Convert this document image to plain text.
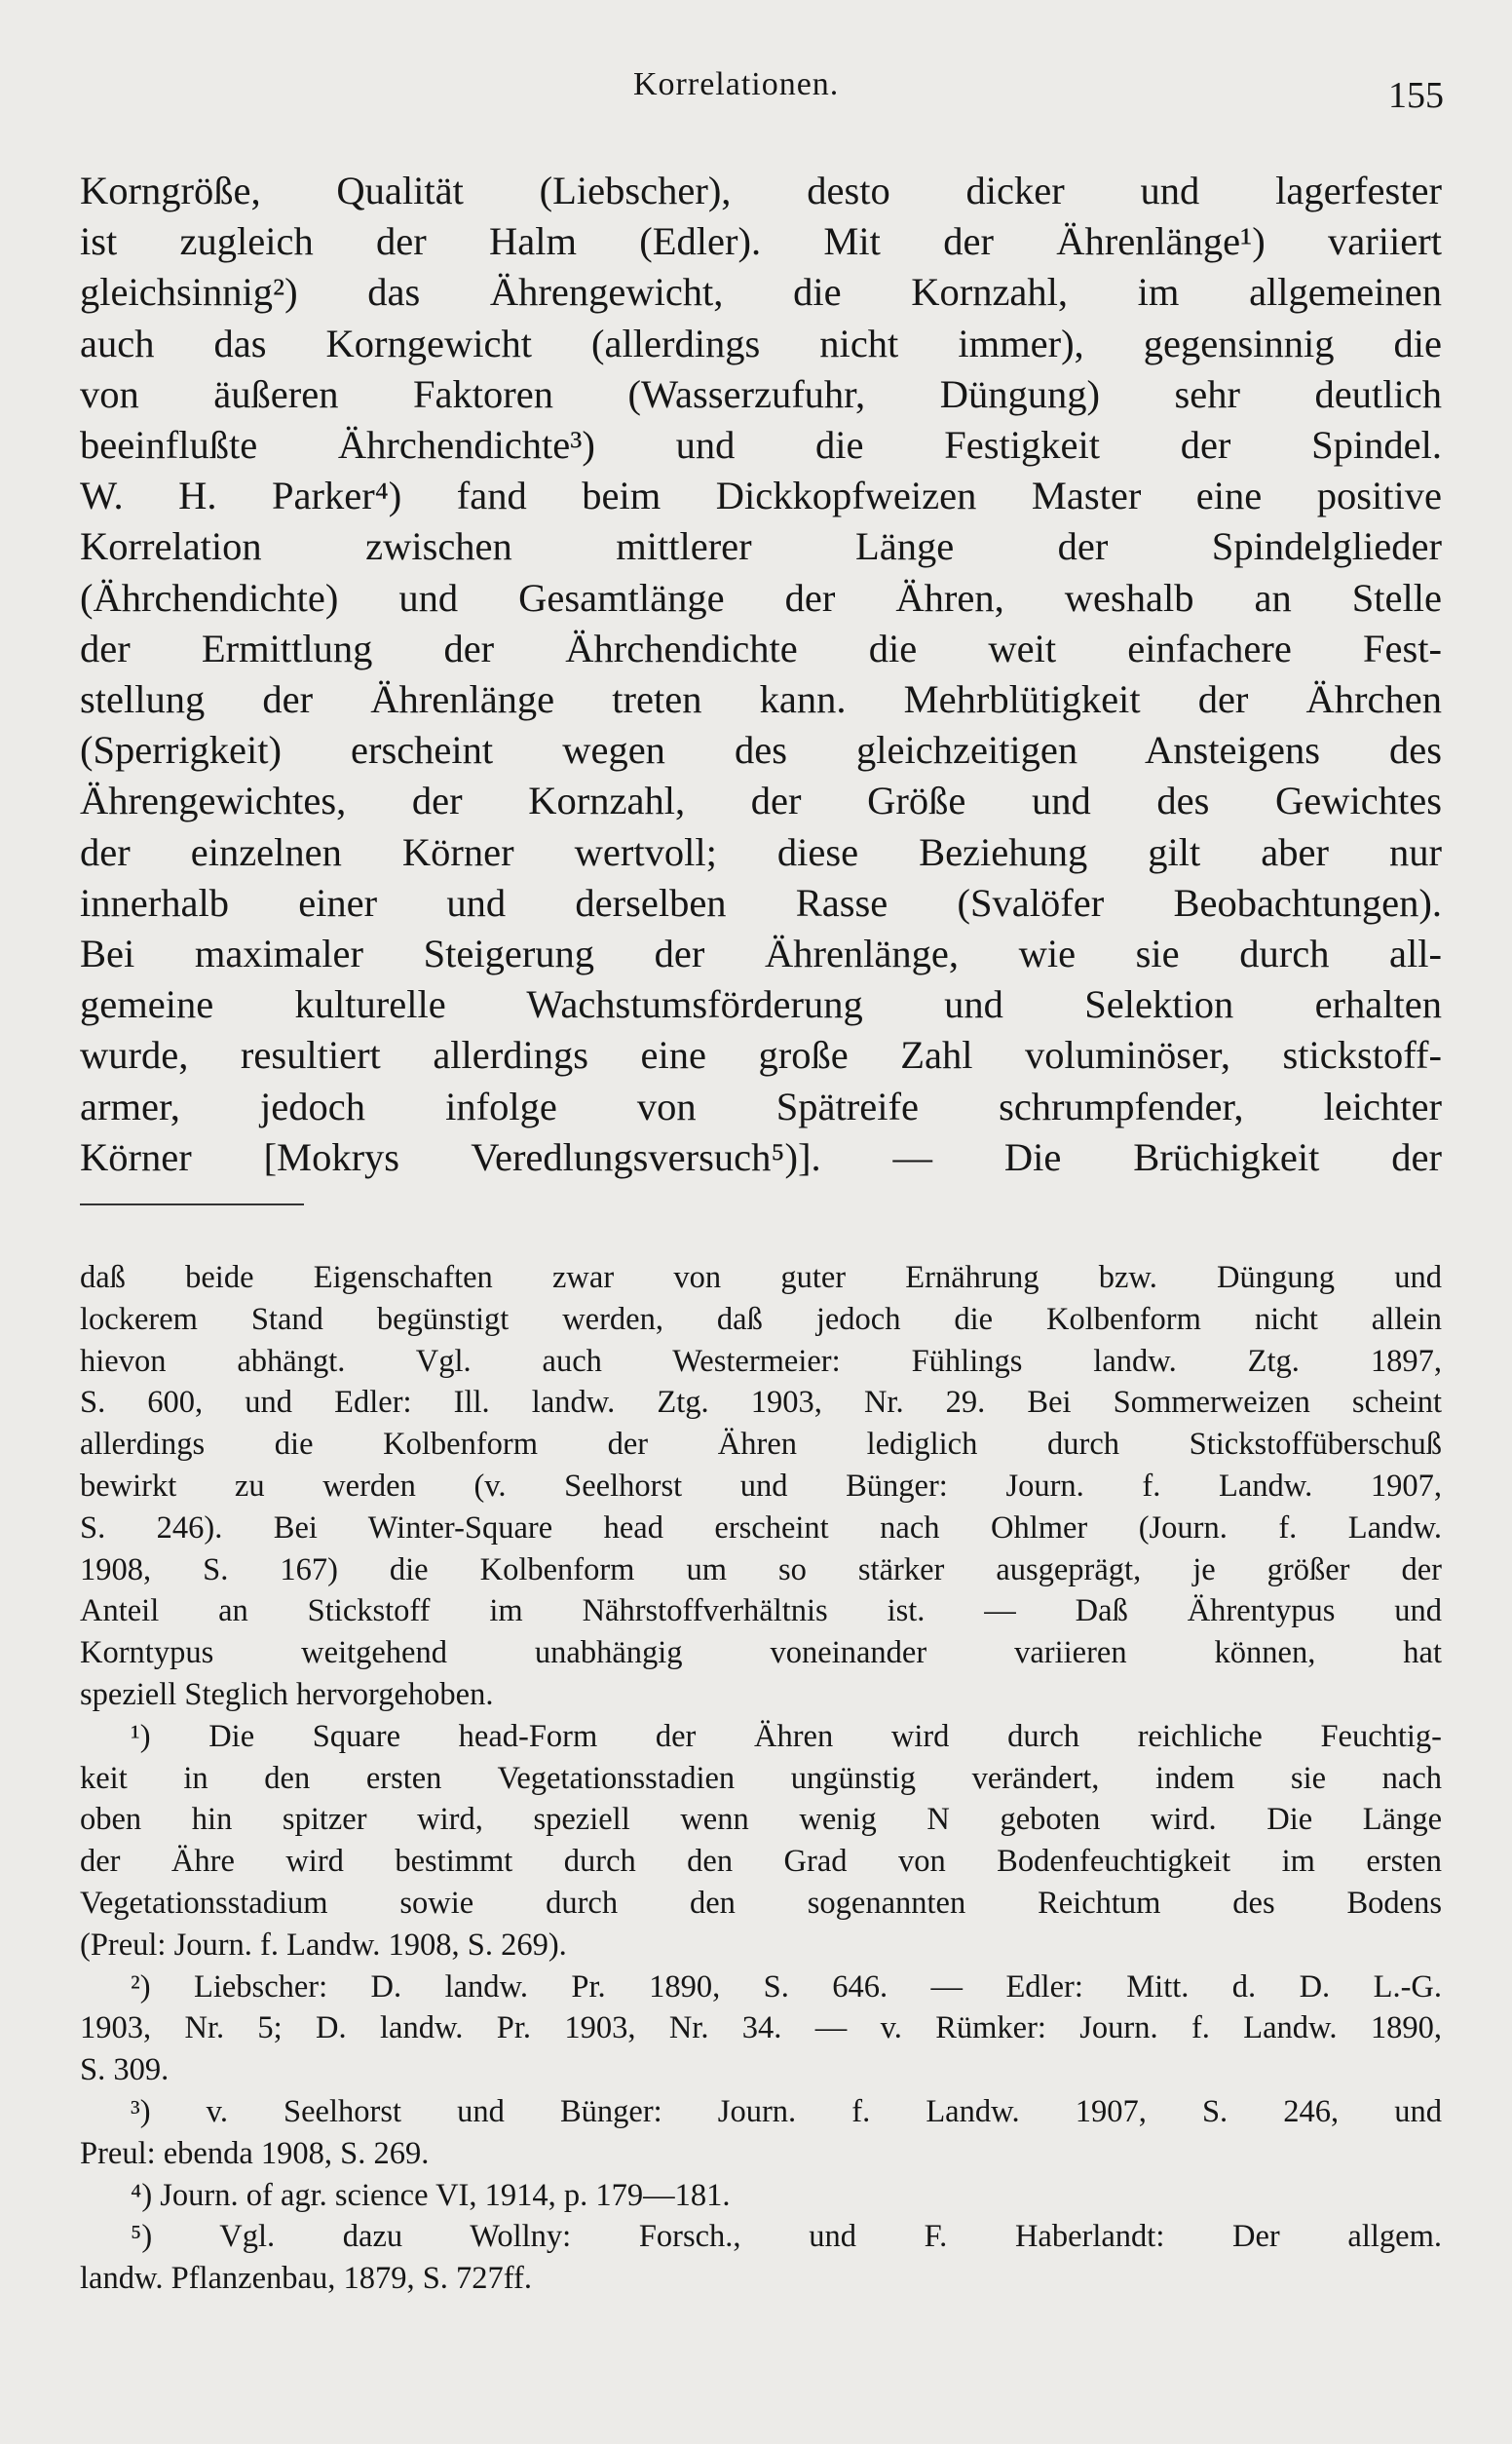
Korrelationen.	155
Korngröße, Qualität (Liebscher), desto dicker und lagerfester
ist zugleich der Halm (Edler). Mit der Ährenlänge¹) variiert
gleichsinnig²) das Ährengewicht, die Kornzahl, im allgemeinen
auch das Korngewicht (allerdings nicht immer), gegensinnig die
von äußeren Faktoren (Wasserzufuhr, Düngung) sehr deutlich
beeinflußte Ährchendichte³) und die Festigkeit der Spindel.
W. H. Parker⁴) fand beim Dickkopfweizen Master eine positive
Korrelation zwischen mittlerer Länge der Spindelglieder
(Ährchendichte) und Gesamtlänge der Ähren, weshalb an Stelle
der Ermittlung der Ährchendichte die weit einfachere Fest-
stellung der Ährenlänge treten kann. Mehrblütigkeit der Ährchen
(Sperrigkeit) erscheint wegen des gleichzeitigen Ansteigens des
Ährengewichtes, der Kornzahl, der Größe und des Gewichtes
der einzelnen Körner wertvoll; diese Beziehung gilt aber nur
innerhalb einer und derselben Rasse (Svalöfer Beobachtungen).
Bei maximaler Steigerung der Ährenlänge, wie sie durch all-
gemeine kulturelle Wachstumsförderung und Selektion erhalten
wurde, resultiert allerdings eine große Zahl voluminöser, stickstoff-
armer, jedoch infolge von Spätreife schrumpfender, leichter
Körner [Mokrys Veredlungsversuch⁵)]. — Die Brüchigkeit der
daß beide Eigenschaften zwar von guter Ernährung bzw. Düngung und
lockerem Stand begünstigt werden, daß jedoch die Kolbenform nicht allein
hievon abhängt. Vgl. auch Westermeier: Fühlings landw. Ztg. 1897,
S. 600, und Edler: Ill. landw. Ztg. 1903, Nr. 29. Bei Sommerweizen scheint
allerdings die Kolbenform der Ähren lediglich durch Stickstoffüberschuß
bewirkt zu werden (v. Seelhorst und Bünger: Journ. f. Landw. 1907,
S. 246). Bei Winter-Square head erscheint nach Ohlmer (Journ. f. Landw.
1908, S. 167) die Kolbenform um so stärker ausgeprägt, je größer der
Anteil an Stickstoff im Nährstoffverhältnis ist. — Daß Ährentypus und
Korntypus weitgehend unabhängig voneinander variieren können, hat
speziell Steglich hervorgehoben.
¹) Die Square head-Form der Ähren wird durch reichliche Feuchtig-
keit in den ersten Vegetationsstadien ungünstig verändert, indem sie nach
oben hin spitzer wird, speziell wenn wenig N geboten wird. Die Länge
der Ähre wird bestimmt durch den Grad von Bodenfeuchtigkeit im ersten
Vegetationsstadium sowie durch den sogenannten Reichtum des Bodens
(Preul: Journ. f. Landw. 1908, S. 269).
²) Liebscher: D. landw. Pr. 1890, S. 646. — Edler: Mitt. d. D. L.-G.
1903, Nr. 5; D. landw. Pr. 1903, Nr. 34. — v. Rümker: Journ. f. Landw. 1890,
S. 309.
³) v. Seelhorst und Bünger: Journ. f. Landw. 1907, S. 246, und
Preul: ebenda 1908, S. 269.
⁴) Journ. of agr. science VI, 1914, p. 179—181.
⁵) Vgl. dazu Wollny: Forsch., und F. Haberlandt: Der allgem.
landw. Pflanzenbau, 1879, S. 727ff.
